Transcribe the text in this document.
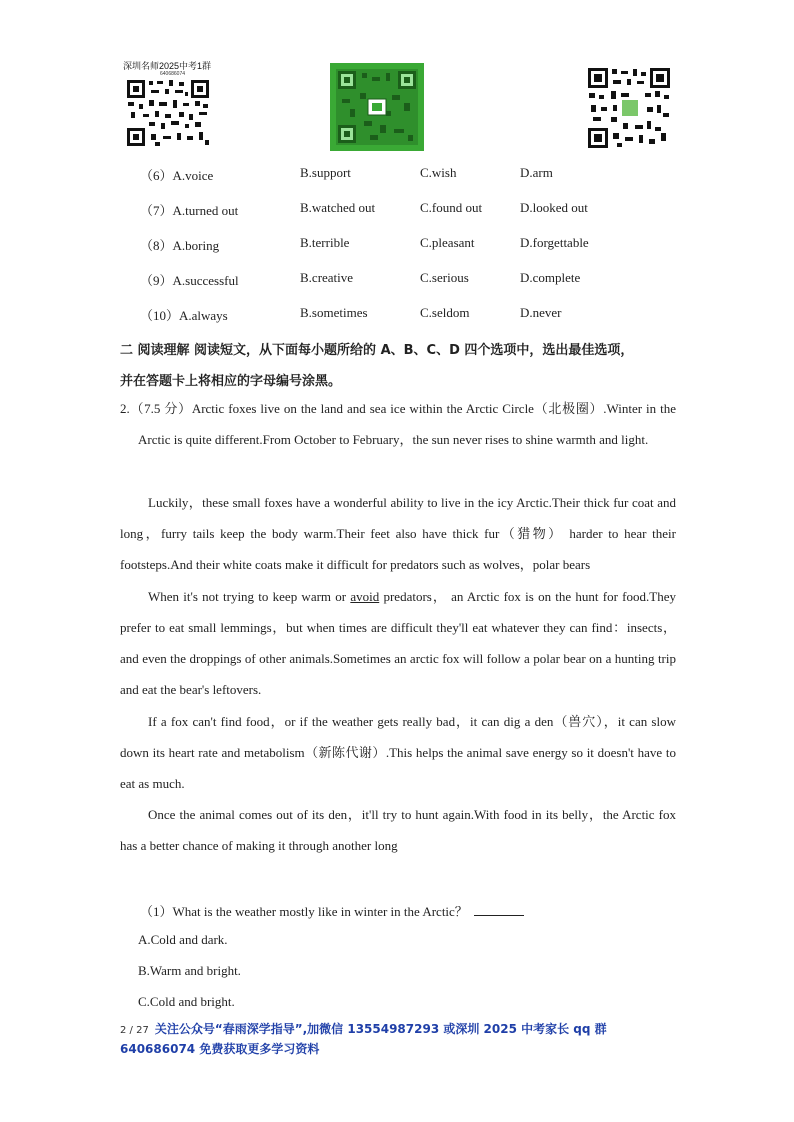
深圳名师2025中考1群
640686074
（6）A.voice	B.support	C.wish	D.arm
（7）A.turned out	B.watched out	C.found out	D.looked out
（8）A.boring	B.terrible	C.pleasant	D.forgettable
（9）A.successful	B.creative	C.serious	D.complete
（10）A.always	B.sometimes	C.seldom	D.never
二 阅读理解 阅读短文，从下面每小题所给的 A、B、C、D 四个选项中，选出最佳选项，
并在答题卡上将相应的字母编号涂黑。
2.（7.5 分）Arctic foxes live on the land and sea ice within the Arctic Circle（北极圈）.Winter in the Arctic is quite different.From October to February，the sun never rises to shine warmth and light.
Luckily，these small foxes have a wonderful ability to live in the icy Arctic.Their thick fur coat and long，furry tails keep the body warm.Their feet also have thick fur（猎物） harder to hear their footsteps.And their white coats make it difficult for predators such as wolves，polar bears
When it's not trying to keep warm or avoid predators， an Arctic fox is on the hunt for food.They prefer to eat small lemmings，but when times are difficult they'll eat whatever they can find：insects，and even the droppings of other animals.Sometimes an arctic fox will follow a polar bear on a hunting trip and eat the bear's leftovers.
If a fox can't find food，or if the weather gets really bad，it can dig a den（兽穴），it can slow down its heart rate and metabolism（新陈代谢）.This helps the animal save energy so it doesn't have to eat as much.
Once the animal comes out of its den，it'll try to hunt again.With food in its belly，the Arctic fox has a better chance of making it through another long
（1）What is the weather mostly like in winter in the Arctic？
A.Cold and dark.
B.Warm and bright.
C.Cold and bright.
2 / 27 关注公众号“春雨深学指导”,加微信 13554987293 或深圳 2025 中考家长 qq 群
640686074 免费获取更多学习资料
